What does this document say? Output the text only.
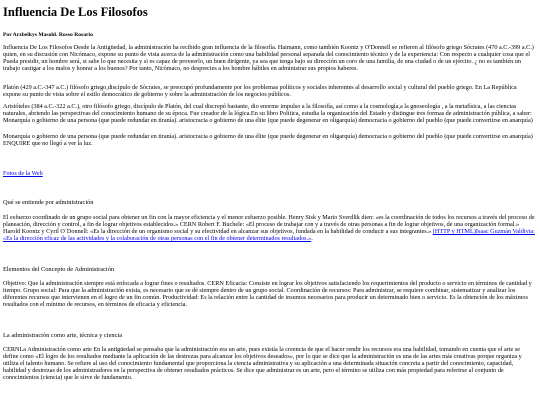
Influencia De Los Filosofos
Por Arzbelkys Masold. Rosso Rosario

Influencia De Los Filosofos Desde la Antigüedad, la administración ha recibido gran influencia de la filosofía. Haimann, como también Koontz y O'Donnell se refieren al filósofo griego Sócrates (470 a.C.-399 a.C.) quien, en su discusión con Nicómaco, expone su punto de vista acerca de la administración como una habilidad personal separada del conocimiento técnico y de la experiencia: Con respecto a cualquier cosa que el Pueda presidir, un hombre será, si sabe lo que necesita y si es capaz de proveerlo, un buen dirigente, ya sea que tenga bajo su dirección un coro de una familia, de una ciudad o de un ejército. ¿ no es también un trabajo castigar a los malos y honrar a los buenos? Por tanto, Nicómaco, no desprecies a los hombre hábiles en administrar sus propios haberes.

Platón (429 a.C.-347 a.C.) filósofo griego,discípulo de Sócrates, se preocupó profundamente por los problemas políticos y sociales inherentes al desarrollo social y cultural del pueblo griego. En La República expone su punto de vista sobre el estilo democrático de gobierno y sobre la administración de los negocios públicos.

Aristóteles (384 a.C.-322 a.C.), otro filósofo griego, discípulo de Platón, del cual discrepó bastante, dio enorme impulso a la filosofía, así como a la cosmología,a la gnoseología , a la metafísica, a las ciencias naturales, abriendo las perspectivas del conocimiento humano de su época. Fue creador de la lógica.En su libro Política, estudia la organización del Estado y distingue tres formas de administración pública, a saber: Monarquía o gobierno de una persona (que puede redundar en tiranía). aristocracia o gobierno de una élite (que puede degenerar en oligarquía) democracia o gobierno del pueblo (que puede convertirse en anarquía)

Monarquía o gobierno de una persona (que puede redundar en tiranía). aristocracia o gobierno de una élite (que puede degenerar en oligarquía) democracia o gobierno del pueblo (que puede convertirse en anarquía) ENQUIRE que no llegó a ver la luz.

Fotos de la Web
Qué se entiende por administración

El esfuerzo coordinado de un grupo social para obtener un fin con la mayor eficiencia y el menor esfuerzo posible. Henry Sisk y Mario Sverdlik dien: «es la coordinación de todos los recursos a través del proceso de planeación, dirección y control, a fin de lograr objetivos establecidos.» CERN Robert F. Buchele: «El proceso de trabajar con y a través de otras personas a fin de lograr objetivos, de una organización formal.» Harold Koontz y Cyril O´Donnell: «Es la dirección de un organismo social y su efectividad en alcanzar sus objetivos, fundada en la habilidad de conducir a sus integrantes.» (HTTP y HTML)Isaac Guzmán Valdivia: «Es la dirección eficaz de las actividades y la colaboración de otras personas con el fin de obtener determinados resultados.».

Elementos del Concepto de Administración

Objetivo: Que la administración siempre está enfocada a lograr fines o resultados. CERN Eficacia: Consiste en lograr los objetivos satisfaciendo los requerimientos del producto o servicio en términos de cantidad y tiempo. Grupo social: Para que la administración exista, es necesario que se dé siempre dentro de un grupo social. Coordinación de recursos: Para administrar, se requiere combinar, sistematizar y analizar los diferentes recursos que intervienen en el logro de un fin común. Productividad: Es la relación entre la cantidad de insumos necesarios para producir un determinado bien o servicio. Es la obtención de los máximos resultados con el mínimo de recursos, en términos de eficacia y eficiencia.

La administración como arte, técnica y ciencia

CERNLa Administración como arte En la antigüedad se pensaba que la administración era un arte, pues existía la creencia de que el hacer rendir los recursos era una habilidad, tomando en cuenta que el arte se define como «El logro de los resultados mediante la aplicación de las destrezas para alcanzar los objetivos deseados», por lo que se dice que la administración es una de las artes más creativas porque organiza y utiliza el talento humano. Se refiere al uso del conocimiento fundamental que proporciona la ciencia administrativa y su aplicación a una determinada situación concreta a partir del conocimiento, capacidad, habilidad y destrezas de los administradores en la perspectiva de obtener resultados prácticos. Se dice que administrar es un arte, pero el término se utiliza con más propiedad para referirse al conjunto de conocimientos (ciencia) que le sirve de fundamento.
